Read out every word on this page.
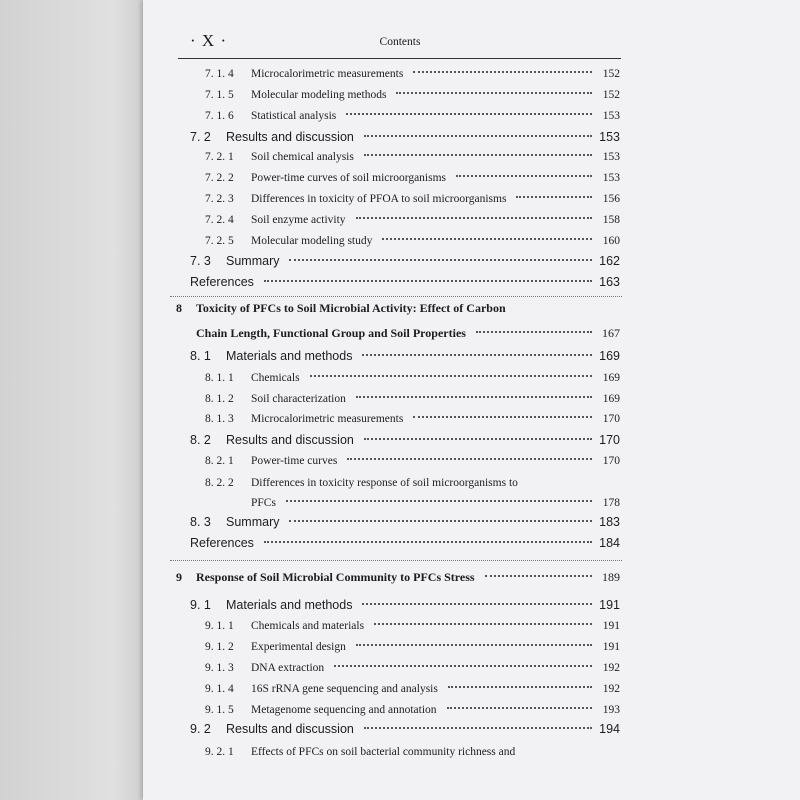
· X ·	Contents
7. 1. 4	Microcalorimetric measurements	152
7. 1. 5	Molecular modeling methods	152
7. 1. 6	Statistical analysis	153
7. 2	Results and discussion	153
7. 2. 1	Soil chemical analysis	153
7. 2. 2	Power-time curves of soil microorganisms	153
7. 2. 3	Differences in toxicity of PFOA to soil microorganisms	156
7. 2. 4	Soil enzyme activity	158
7. 2. 5	Molecular modeling study	160
7. 3	Summary	162
References	163
8 Toxicity of PFCs to Soil Microbial Activity: Effect of Carbon
Chain Length, Functional Group and Soil Properties	167
8. 1	Materials and methods	169
8. 1. 1	Chemicals	169
8. 1. 2	Soil characterization	169
8. 1. 3	Microcalorimetric measurements	170
8. 2	Results and discussion	170
8. 2. 1	Power-time curves	170
8. 2. 2 Differences in toxicity response of soil microorganisms to
PFCs	178
8. 3	Summary	183
References	184
9	Response of Soil Microbial Community to PFCs Stress	189
9. 1	Materials and methods	191
9. 1. 1	Chemicals and materials	191
9. 1. 2	Experimental design	191
9. 1. 3	DNA extraction	192
9. 1. 4	16S rRNA gene sequencing and analysis	192
9. 1. 5	Metagenome sequencing and annotation	193
9. 2	Results and discussion	194
9. 2. 1 Effects of PFCs on soil bacterial community richness and
